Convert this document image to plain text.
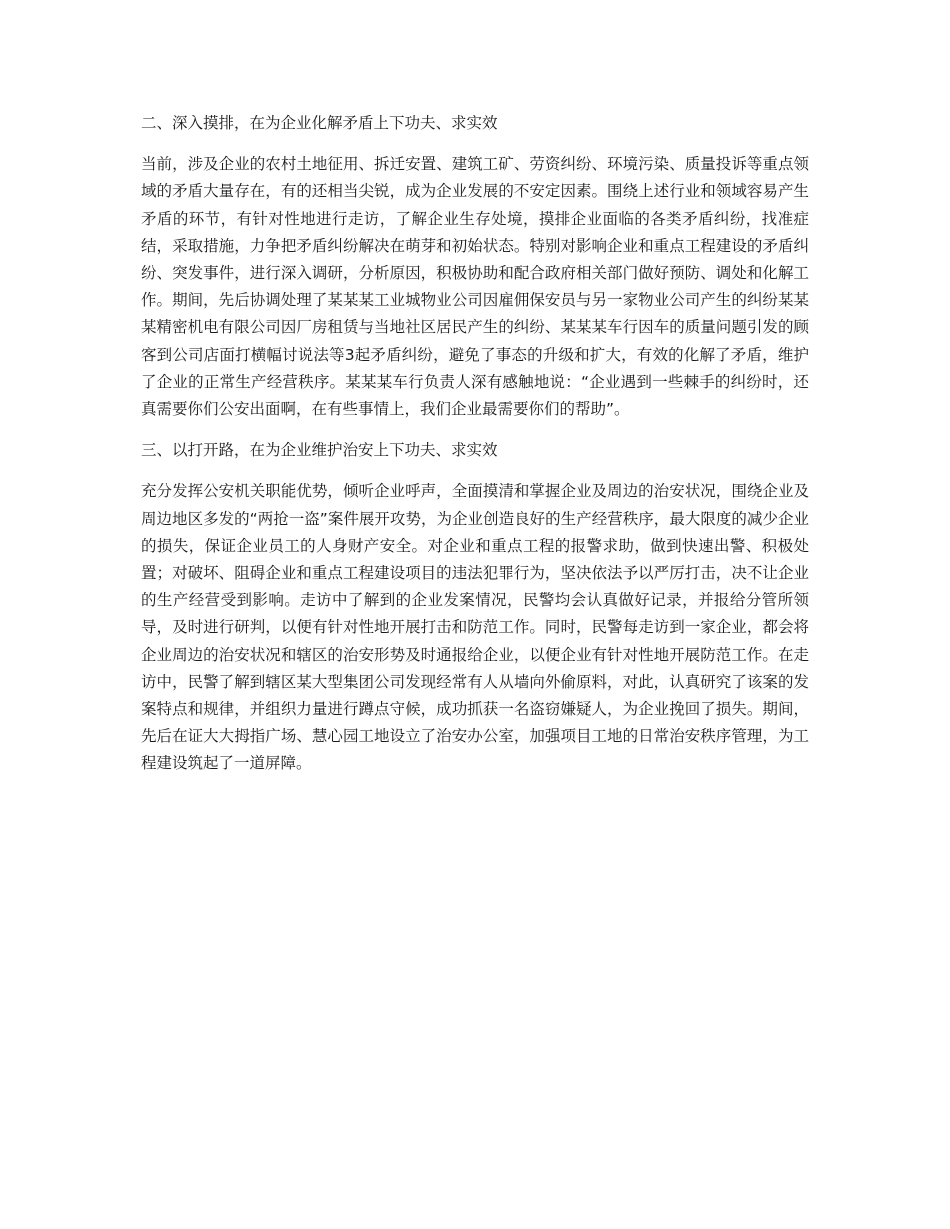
二、深入摸排，在为企业化解矛盾上下功夫、求实效

当前，涉及企业的农村土地征用、拆迁安置、建筑工矿、劳资纠纷、环境污染、质量投诉等重点领域的矛盾大量存在，有的还相当尖锐，成为企业发展的不安定因素。围绕上述行业和领域容易产生矛盾的环节，有针对性地进行走访，了解企业生存处境，摸排企业面临的各类矛盾纠纷，找准症结，采取措施，力争把矛盾纠纷解决在萌芽和初始状态。特别对影响企业和重点工程建设的矛盾纠纷、突发事件，进行深入调研，分析原因，积极协助和配合政府相关部门做好预防、调处和化解工作。期间，先后协调处理了某某某工业城物业公司因雇佣保安员与另一家物业公司产生的纠纷某某某精密机电有限公司因厂房租赁与当地社区居民产生的纠纷、某某某车行因车的质量问题引发的顾客到公司店面打横幅讨说法等3起矛盾纠纷，避免了事态的升级和扩大，有效的化解了矛盾，维护了企业的正常生产经营秩序。某某某车行负责人深有感触地说：“企业遇到一些棘手的纠纷时，还真需要你们公安出面啊，在有些事情上，我们企业最需要你们的帮助”。

三、以打开路，在为企业维护治安上下功夫、求实效

充分发挥公安机关职能优势，倾听企业呼声，全面摸清和掌握企业及周边的治安状况，围绕企业及周边地区多发的“两抢一盗”案件展开攻势，为企业创造良好的生产经营秩序，最大限度的减少企业的损失，保证企业员工的人身财产安全。对企业和重点工程的报警求助，做到快速出警、积极处置；对破坏、阻碍企业和重点工程建设项目的违法犯罪行为，坚决依法予以严厉打击，决不让企业的生产经营受到影响。走访中了解到的企业发案情况，民警均会认真做好记录，并报给分管所领导，及时进行研判，以便有针对性地开展打击和防范工作。同时，民警每走访到一家企业，都会将企业周边的治安状况和辖区的治安形势及时通报给企业，以便企业有针对性地开展防范工作。在走访中，民警了解到辖区某大型集团公司发现经常有人从墙向外偷原料，对此，认真研究了该案的发案特点和规律，并组织力量进行蹲点守候，成功抓获一名盗窃嫌疑人，为企业挽回了损失。期间，先后在证大大拇指广场、慧心园工地设立了治安办公室，加强项目工地的日常治安秩序管理，为工程建设筑起了一道屏障。
